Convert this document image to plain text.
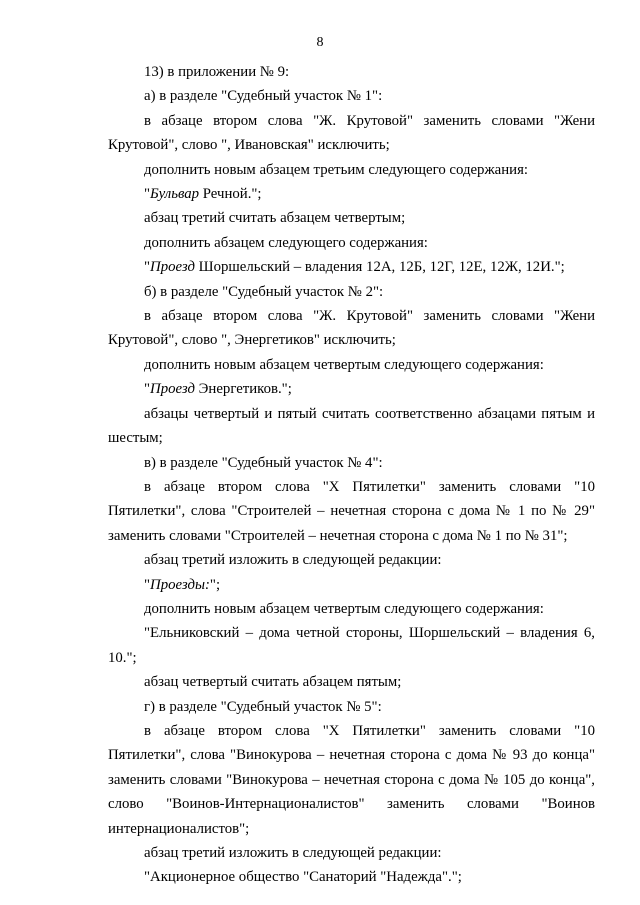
8

13) в приложении № 9:

а) в разделе "Судебный участок № 1":

в абзаце втором слова "Ж. Крутовой" заменить словами "Жени Крутовой", слово ", Ивановская" исключить;

дополнить новым абзацем третьим следующего содержания:

"Бульвар Речной.";

абзац третий считать абзацем четвертым;

дополнить абзацем следующего содержания:

"Проезд Шоршельский – владения 12А, 12Б, 12Г, 12Е, 12Ж, 12И.";

б) в разделе "Судебный участок № 2":

в абзаце втором слова "Ж. Крутовой" заменить словами "Жени Крутовой", слово ", Энергетиков" исключить;

дополнить новым абзацем четвертым следующего содержания:

"Проезд Энергетиков.";

абзацы четвертый и пятый считать соответственно абзацами пятым и шестым;

в) в разделе "Судебный участок № 4":

в абзаце втором слова "X Пятилетки" заменить словами "10 Пятилетки", слова "Строителей – нечетная сторона с дома № 1 по № 29" заменить словами "Строителей – нечетная сторона с дома № 1 по № 31";

абзац третий изложить в следующей редакции:

"Проезды:";

дополнить новым абзацем четвертым следующего содержания:

"Ельниковский – дома четной стороны, Шоршельский – владения 6, 10.";

абзац четвертый считать абзацем пятым;

г) в разделе "Судебный участок № 5":

в абзаце втором слова "X Пятилетки" заменить словами "10 Пятилетки", слова "Винокурова – нечетная сторона с дома № 93 до конца" заменить словами "Винокурова – нечетная сторона с дома № 105 до конца", слово "Воинов-Интернационалистов" заменить словами "Воинов интернационалистов";

абзац третий изложить в следующей редакции:

"Акционерное общество "Санаторий "Надежда".";
